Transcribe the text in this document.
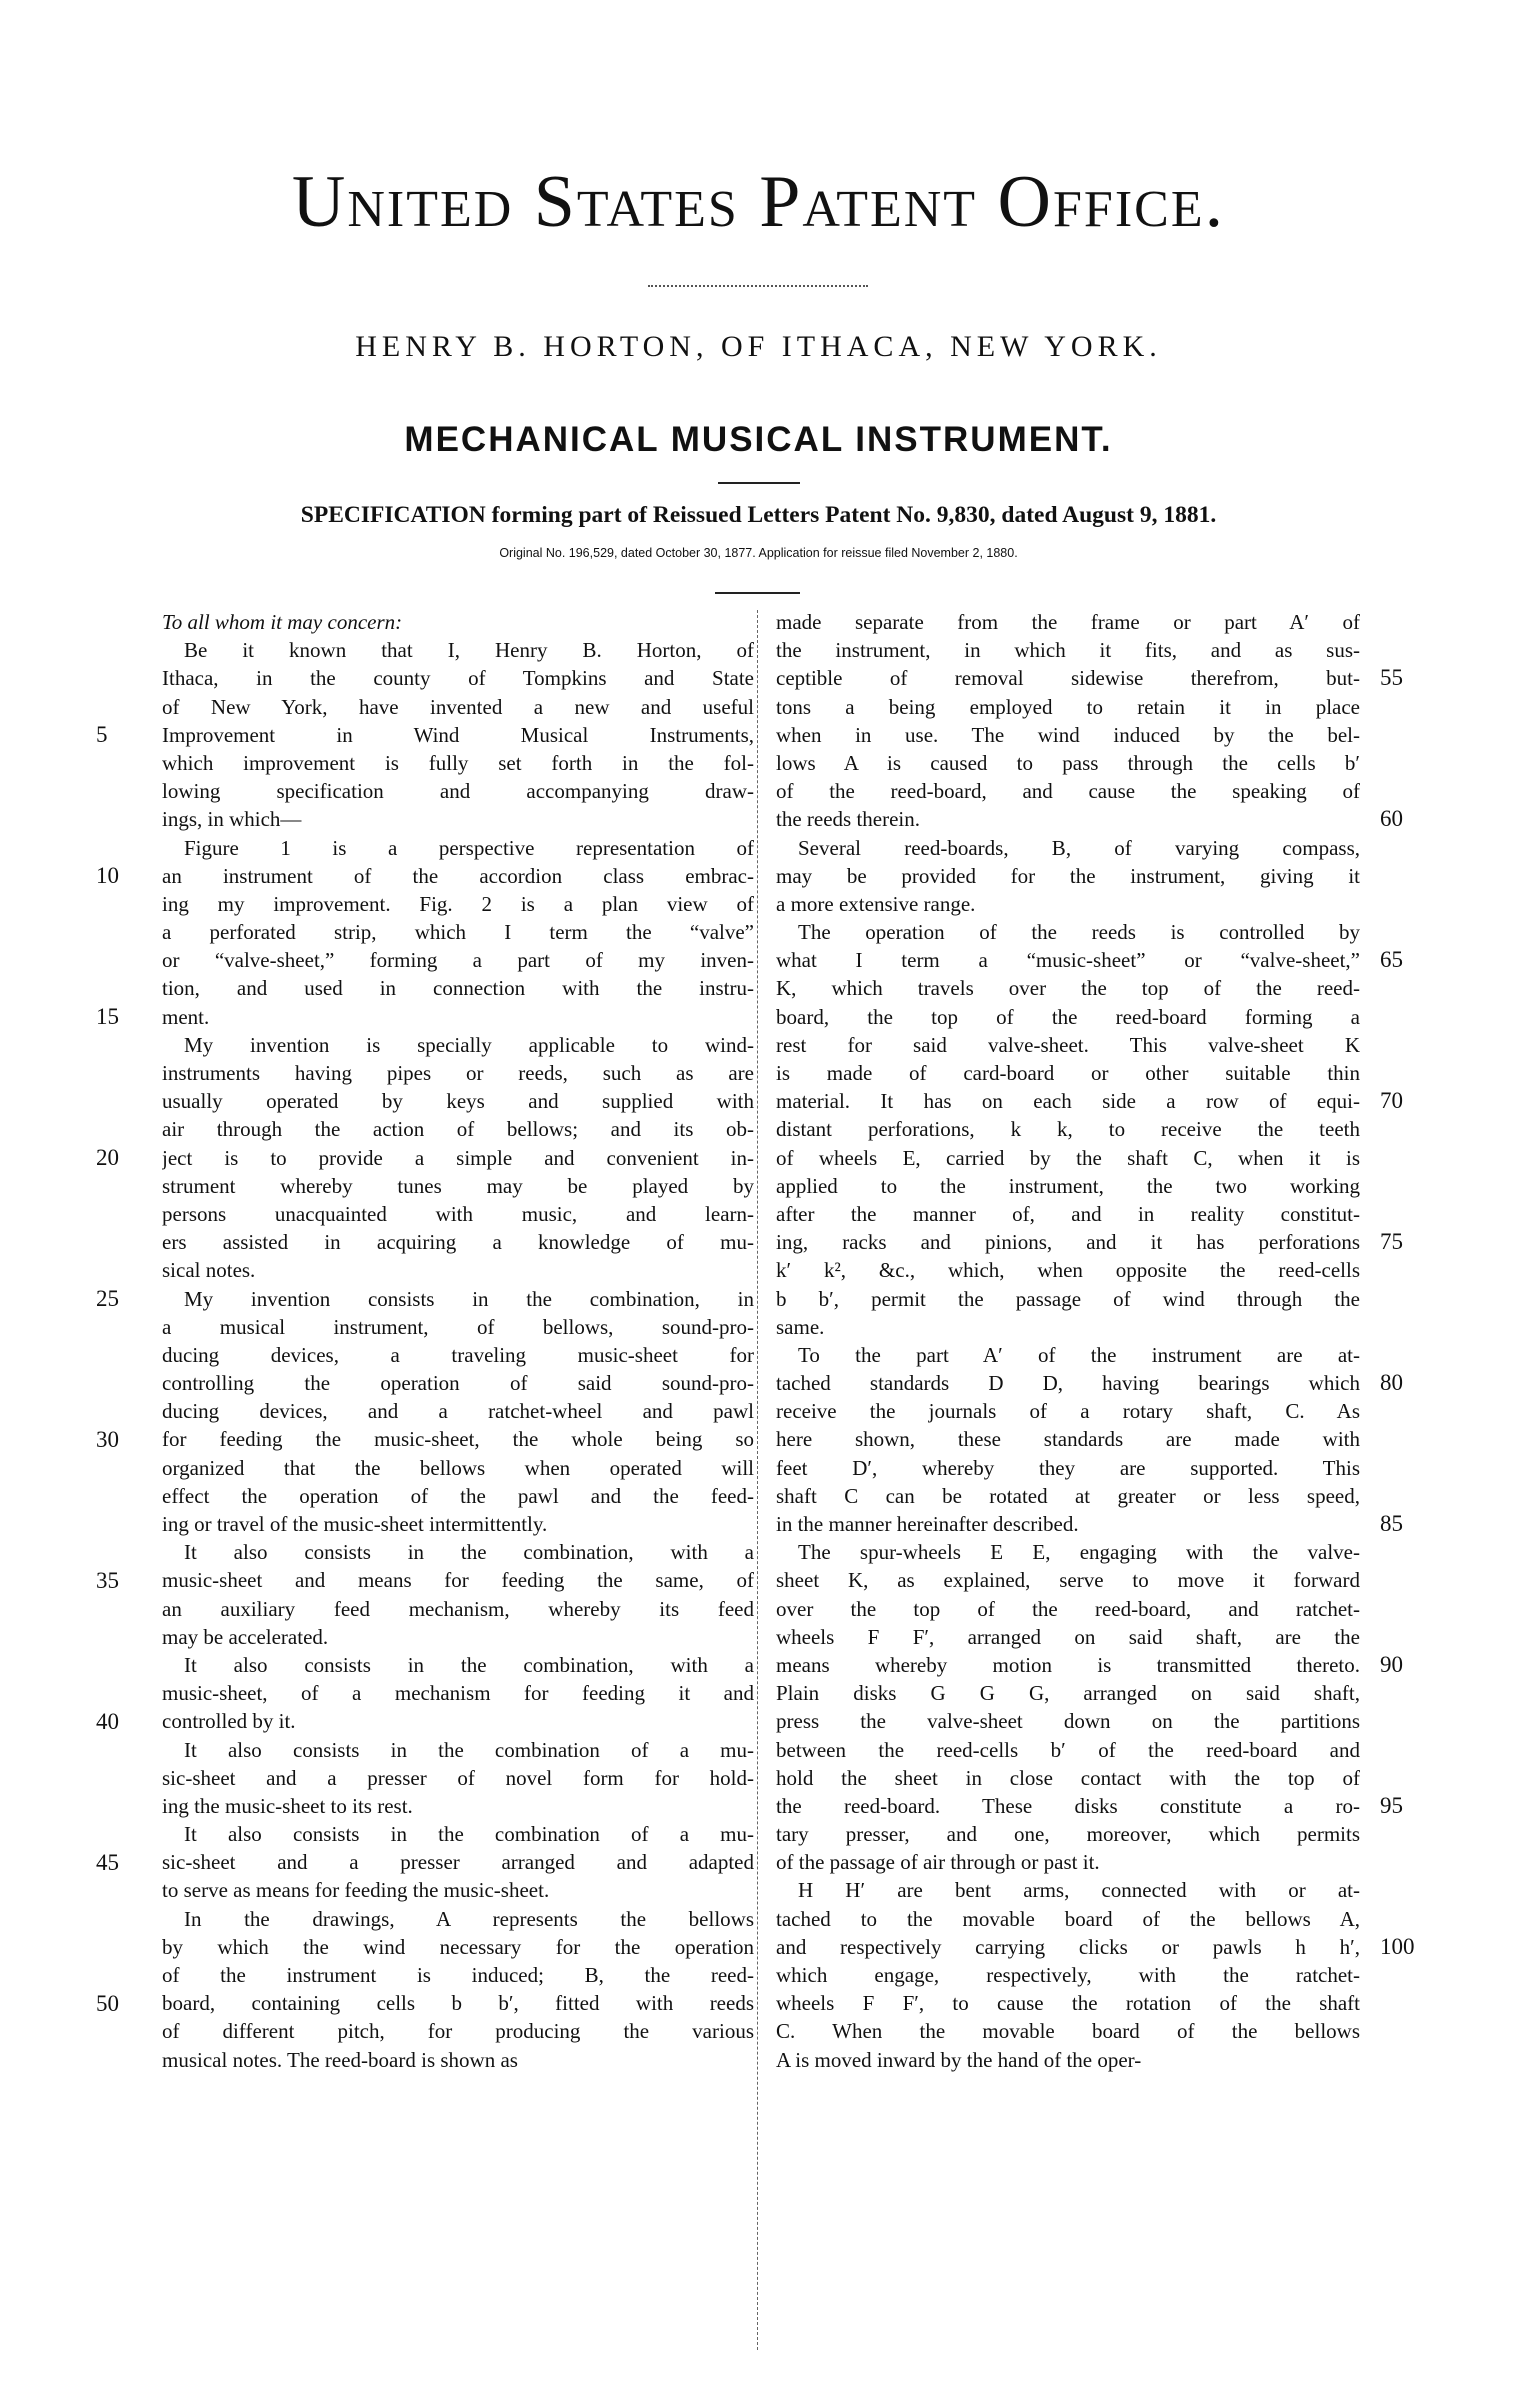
United States Patent Office.
HENRY B. HORTON, OF ITHACA, NEW YORK.
MECHANICAL MUSICAL INSTRUMENT.
SPECIFICATION forming part of Reissued Letters Patent No. 9,830, dated August 9, 1881.
Original No. 196,529, dated October 30, 1877. Application for reissue filed November 2, 1880.
5
10
15
20
25
30
35
40
45
50
To all whom it may concern:
Be it known that I, Henry B. Horton, of
Ithaca, in the county of Tompkins and State
of New York, have invented a new and useful
Improvement in Wind Musical Instruments,
which improvement is fully set forth in the fol-
lowing specification and accompanying draw-
ings, in which—
Figure 1 is a perspective representation of
an instrument of the accordion class embrac-
ing my improvement. Fig. 2 is a plan view of
a perforated strip, which I term the “valve”
or “valve-sheet,” forming a part of my inven-
tion, and used in connection with the instru-
ment.
My invention is specially applicable to wind-
instruments having pipes or reeds, such as are
usually operated by keys and supplied with
air through the action of bellows; and its ob-
ject is to provide a simple and convenient in-
strument whereby tunes may be played by
persons unacquainted with music, and learn-
ers assisted in acquiring a knowledge of mu-
sical notes.
My invention consists in the combination, in
a musical instrument, of bellows, sound-pro-
ducing devices, a traveling music-sheet for
controlling the operation of said sound-pro-
ducing devices, and a ratchet-wheel and pawl
for feeding the music-sheet, the whole being so
organized that the bellows when operated will
effect the operation of the pawl and the feed-
ing or travel of the music-sheet intermittently.
It also consists in the combination, with a
music-sheet and means for feeding the same, of
an auxiliary feed mechanism, whereby its feed
may be accelerated.
It also consists in the combination, with a
music-sheet, of a mechanism for feeding it and
controlled by it.
It also consists in the combination of a mu-
sic-sheet and a presser of novel form for hold-
ing the music-sheet to its rest.
It also consists in the combination of a mu-
sic-sheet and a presser arranged and adapted
to serve as means for feeding the music-sheet.
In the drawings, A represents the bellows
by which the wind necessary for the operation
of the instrument is induced; B, the reed-
board, containing cells b b′, fitted with reeds
of different pitch, for producing the various
musical notes. The reed-board is shown as
made separate from the frame or part A′ of
the instrument, in which it fits, and as sus-
ceptible of removal sidewise therefrom, but-
tons a being employed to retain it in place
when in use. The wind induced by the bel-
lows A is caused to pass through the cells b′
of the reed-board, and cause the speaking of
the reeds therein.
Several reed-boards, B, of varying compass,
may be provided for the instrument, giving it
a more extensive range.
The operation of the reeds is controlled by
what I term a “music-sheet” or “valve-sheet,”
K, which travels over the top of the reed-
board, the top of the reed-board forming a
rest for said valve-sheet. This valve-sheet K
is made of card-board or other suitable thin
material. It has on each side a row of equi-
distant perforations, k k, to receive the teeth
of wheels E, carried by the shaft C, when it is
applied to the instrument, the two working
after the manner of, and in reality constitut-
ing, racks and pinions, and it has perforations
k′ k², &c., which, when opposite the reed-cells
b b′, permit the passage of wind through the
same.
To the part A′ of the instrument are at-
tached standards D D, having bearings which
receive the journals of a rotary shaft, C. As
here shown, these standards are made with
feet D′, whereby they are supported. This
shaft C can be rotated at greater or less speed,
in the manner hereinafter described.
The spur-wheels E E, engaging with the valve-
sheet K, as explained, serve to move it forward
over the top of the reed-board, and ratchet-
wheels F F′, arranged on said shaft, are the
means whereby motion is transmitted thereto.
Plain disks G G G, arranged on said shaft,
press the valve-sheet down on the partitions
between the reed-cells b′ of the reed-board and
hold the sheet in close contact with the top of
the reed-board. These disks constitute a ro-
tary presser, and one, moreover, which permits
of the passage of air through or past it.
H H′ are bent arms, connected with or at-
tached to the movable board of the bellows A,
and respectively carrying clicks or pawls h h′,
which engage, respectively, with the ratchet-
wheels F F′, to cause the rotation of the shaft
C. When the movable board of the bellows
A is moved inward by the hand of the oper-
55
60
65
70
75
80
85
90
95
100
